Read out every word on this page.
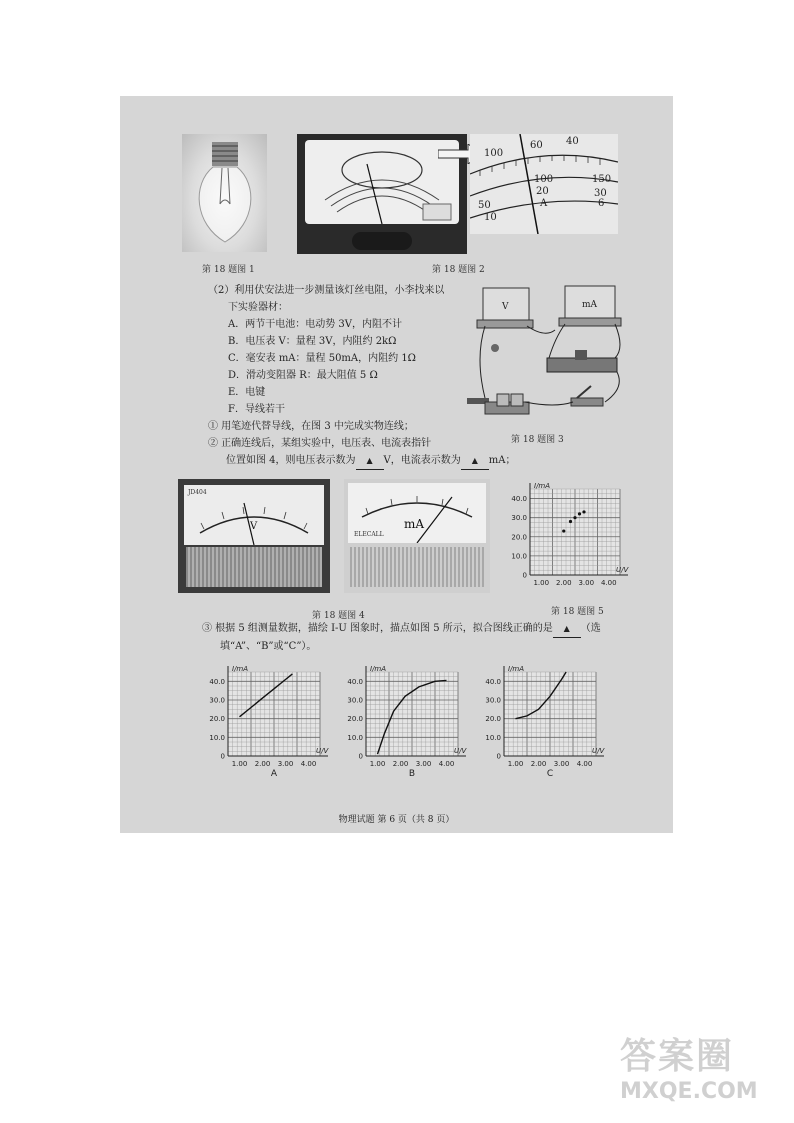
第 18 题图 1
100
60 40
100	150
20	30
A	6
50
10
第 18 题图 2
（2）利用伏安法进一步测量该灯丝电阻，小李找来以
下实验器材：
A．两节干电池：电动势 3V，内阻不计
B．电压表 V：量程 3V，内阻约 2kΩ
C．毫安表 mA：量程 50mA，内阻约 1Ω
D．滑动变阻器 R：最大阻值 5 Ω
E．电键
F．导线若干
① 用笔迹代替导线，在图 3 中完成实物连线；
② 正确连线后，某组实验中，电压表、电流表指针
位置如图 4，则电压表示数为 ▲ V，电流表示数为 ▲ mA；
V	mA
第 18 题图 3
V
JD404
mA
ELECALL
第 18 题图 4
I/mA
U/V
0
10.0
20.0
30.0
40.0
1.00 2.00 3.00 4.00
第 18 题图 5
③ 根据 5 组测量数据，描绘 I-U 图象时，描点如图 5 所示，拟合图线正确的是 ▲ （选
填“A”、“B”或“C”）。
I/mA
U/V
0
10.0
20.0
30.0
40.0
1.00 2.00 3.00 4.00
A
I/mA
U/V
0
10.0
20.0
30.0
40.0
1.00 2.00 3.00 4.00
B
I/mA
U/V
0
10.0
20.0
30.0
40.0
1.00 2.00 3.00 4.00
C
物理试题 第 6 页（共 8 页）
答案圈
MXQE.COM
